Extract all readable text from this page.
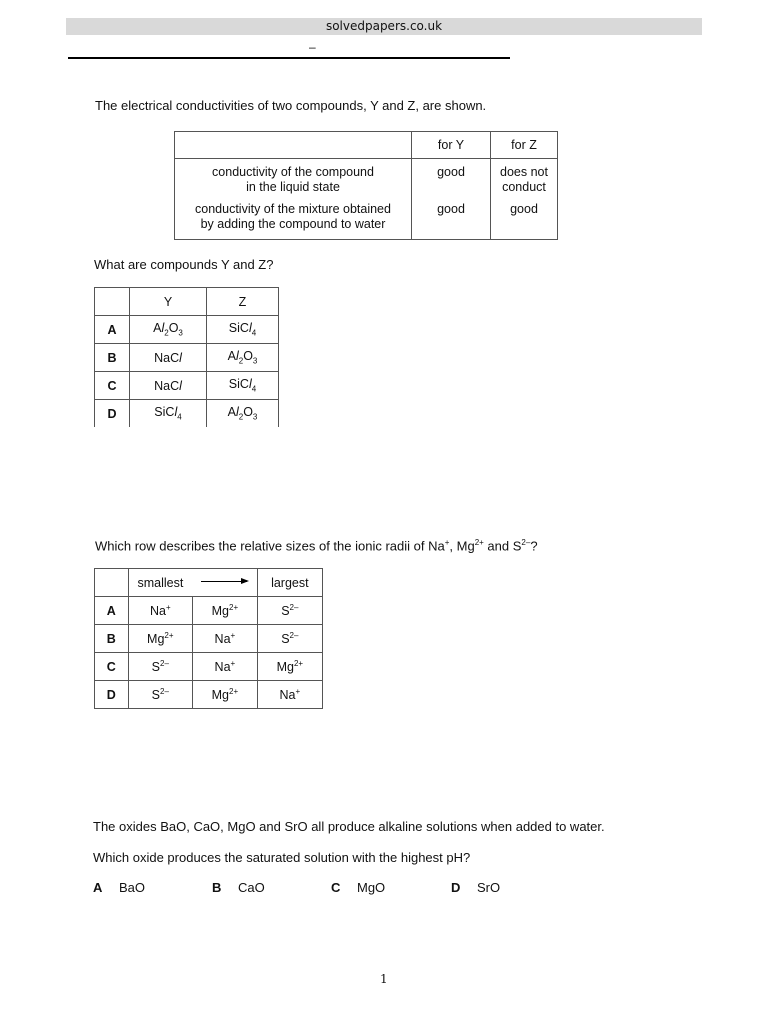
solvedpapers.co.uk
–
The electrical conductivities of two compounds, Y and Z, are shown.
	for Y	for Z
conductivity of the compound
in the liquid state	good	does not
conduct
conductivity of the mixture obtained
by adding the compound to water	good	good
What are compounds Y and Z?
	Y	Z
A	$Al_2O_3$	SiCl$_4$
B	NaCl	$Al_2O_3$
C	NaCl	SiCl$_4$
D	SiCl$_4$	$Al_2O_3$
Which row describes the relative sizes of the ionic radii of Na+, $Mg^{2+}$ and $S^{2-}$?
	smallest		largest
A	Na+	$Mg^{2+}$	$S^{2-}$
B	$Mg^{2+}$	Na+	$S^{2-}$
C	$S^{2-}$	Na+	$Mg^{2+}$
D	$S^{2-}$	$Mg^{2+}$	Na+
The oxides BaO, CaO, MgO and SrO all produce alkaline solutions when added to water.
Which oxide produces the saturated solution with the highest pH?
A BaO	B CaO	C MgO	D SrO
1
